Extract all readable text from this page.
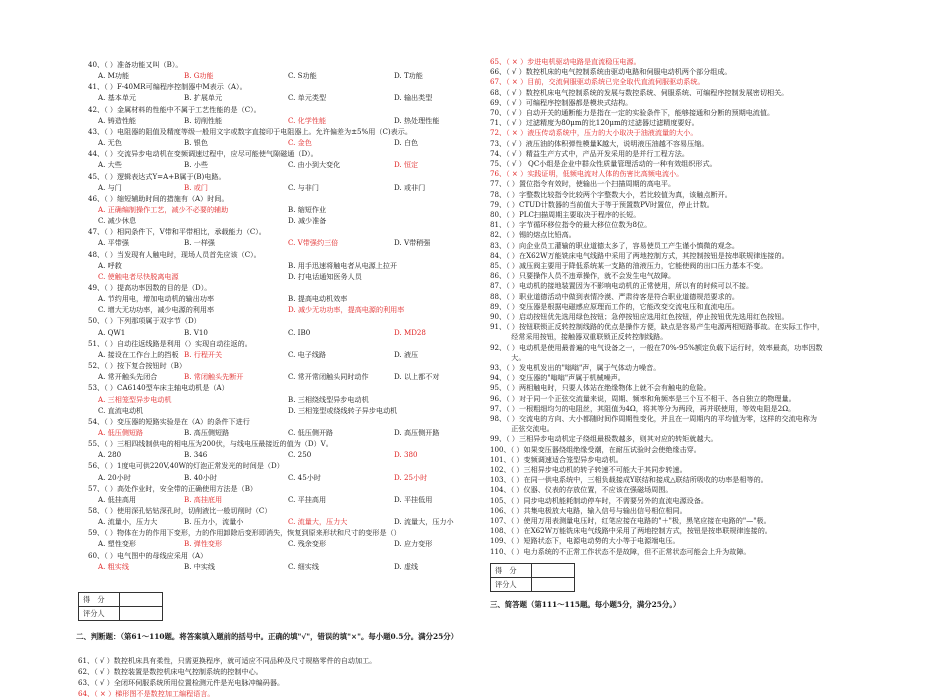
40、（ ）准备功能又叫（B）。
A. M功能	B. G功能	C. S功能	D. T功能
41、（ ）F-40MR可编程序控制器中M表示（A）。
A. 基本单元	B. 扩展单元	C. 单元类型	D. 输出类型
42、（ ）金属材料的性能中不属于工艺性能的是（C）。
A. 铸造性能	B. 切削性能	C. 化学性能	D. 热处理性能
43、（ ）电阻器的阻值及精度等级一般用文字或数字直接印于电阻器上。允许偏差为±5%用（C)表示。
A. 无色	B. 银色	C. 金色	D. 白色
44、（ ）交流异步电动机在变频调速过程中，应尽可能使气隙磁通（D）。
A. 大些	B. 小些	C. 由小到大变化	D. 恒定
45、（ ）逻辑表达式Y=A+B属于(B)电路。
A. 与门	B. 或门	C. 与非门	D. 或非门
46、（ ）缩短辅助时间的措施有（A）时间。
A. 正确编制操作工艺，减少不必要的辅助	B. 缩短作业
C. 减少休息	D. 减少准备
47、（ ）相同条件下，V带和平带相比，承载能力（C）。
A. 平带强	B. 一样强	C. V带强约三倍	D. V带稍强
48、（ ）当发现有人触电时，现场人员首先应该（C）。
A. 呼救	B. 用手迅速将触电者从电源上拉开
C. 使触电者尽快脱离电源	D. 打电话通知医务人员
49、（ ）提高功率因数的目的是（D）。
A. 节约用电，增加电动机的输出功率	B. 提高电动机效率
C. 增大无功功率，减少电源的利用率	D. 减少无功功率，提高电源的利用率
50、（ ）下列那项属于双字节（D）
A. QW1	B. V10	C. IB0	D. MD28
51、（ ）自动往返线路是利用（）实现自动往返的。
A. 接设在工作台上的挡板 B. 行程开关	C. 电子线路	D. 液压
52、（ ）按下复合按钮时（B）
A. 常开触头先闭合	B. 常闭触头先断开	C. 常开常闭触头同时动作	D. 以上都不对
53、（ ）CA6140型车床主轴电动机是（A）
A. 三相笼型异步电动机	B. 三相绕线型异步电动机
C. 直流电动机	D. 三相笼型或绕线转子异步电动机
54、（ ）变压器的短路实验是在（A）的条件下进行
A. 低压侧短路	B. 高压侧短路	C. 低压侧开路	D. 高压侧开路
55、（ ）三相四线制供电的相电压为200伏，与线电压最接近的值为（D）V。
A. 280	B. 346	C. 250	D. 380
56、（ ）1度电可供220V,40W的灯泡正常发光的时间是（D）
A. 20小时	B. 40小时	C. 45小时	D. 25小时
57、（ ）高处作业时，安全带的正确使用方法是（B）
A. 低挂高用	B. 高挂底用	C. 平挂高用	D. 平挂低用
58、（ ）使用深孔钻钻深孔时，切削液比一般切削时（C）
A. 流量小，压力大	B. 压力小，流量小	C. 流量大，压力大	D. 流量大，压力小
59、（ ）物体在力的作用下变形，力的作用卸除后变形即消失，恢复到原来形状和尺寸的变形是（）
A. 塑性变形	B. 弹性变形	C. 残余变形	D. 应力变形
60、（ ）电气图中的母线应采用（A）
A. 粗实线	B. 中实线	C. 细实线	D. 虚线
得　分	
评分人	
二、判断题：（第61～110题。将答案填入题前的括号中。正确的填"√"，错误的填"×"。每小题0.5分。满分25分）
61、（ √ ）数控机床具有柔性，只需更换程序，就可适应不同品种及尺寸规格零件的自动加工。
62、（ √ ）数控装置是数控机床电气控制系统的控制中心。
63、（ √ ）全闭环伺服系统所用位置检测元件是光电脉冲编码器。
64、（ × ）梯形图不是数控加工编程语言。
65、（ × ）步进电机驱动电路是直流稳压电源。
66、（ √ ）数控机床的电气控制系统由驱动电路和伺服电动机两个部分组成。
67、（ × ）目前，交流伺服驱动系统已完全取代直流伺服驱动系统。
68、（ √ ）数控机床电气控制系统的发展与数控系统、伺服系统、可编程序控制发展密切相关。
69、（ √ ）可编程序控制器都是模块式结构。
70、（ √ ）自动开关的通断能力是指在一定的实验条件下，能够接通和分断的预期电流值。
71、（ √ ）过滤精度为80μm的比120μm的过滤器过滤精度要好。
72、（ × ）液压传动系统中，压力的大小取决于油液流量的大小。
73、（ √ ）液压油的体积弹性模量K越大，说明液压油越不容易压缩。
74、（ √ ）精益生产方式中，产品开发采用的是并行工程方法。
75、（ √ ） QC小组是企业中群众性质量管理活动的一种有效组织形式。
76、（ × ）实践证明，低频电流对人体的伤害比高频电流小。
77、（ ）置位指令有效时，使输出一个扫描周期的高电平。
78、（ ）字整数比较指令比较两个字整数大小，若比较值为真，该触点断开。
79、（ ）CTUD计数器的当前值大于等于预置数PV时置位，停止计数。
80、（ ）PLC扫描周期主要取决于程序的长短。
81、（ ）字节循环移位指令的最大移位位数为8位。
82、（ ）锡的熔点比铅高。
83、（ ）向企业员工灌输的职业道德太多了，容易使员工产生谨小慎微的观念。
84、（ ）在X62W万能铣床电气线路中采用了两地控制方式，其控制按钮是按串联规律连接的。
85、（ ）减压阀主要用于降低系统某一支路的油液压力，它能使阀的出口压力基本不变。
86、（ ）只要操作人员不违章操作，就不会发生电气故障。
87、（ ）电动机的接地装置因为不影响电动机的正常使用，所以有的时候可以不接。
88、（ ）职业道德活动中做到表情冷漠、严肃待客是符合职业道德规范要求的。
89、（ ）变压器是根据电磁感应原理而工作的，它能改变交流电压和直流电压。
90、（ ）启动按钮优先选用绿色按钮；急停按钮应选用红色按钮，停止按钮优先选用红色按钮。
91、（ ）按钮联锁正反转控制线路的优点是操作方便，缺点是容易产生电源两相短路事故。在实际工作中，
　　　经常采用按钮，接触器双重联锁正反转控制线路。
92、（ ）电动机是使用最普遍的电气设备之一，一般在70%-95%额定负载下运行时，效率最高，功率因数
　　　大。
93、（ ）发电机发出的"嗡嗡"声，属于气体动力噪音。
94、（ ）变压器的"嗡嗡"声属于机械噪声。
95、（ ）两相触电时，只要人体站在绝缘物体上就不会有触电的危险。
96、（ ）对于同一个正弦交流量来说，周期、频率和角频率是三个互不相干、各自独立的物理量。
97、（ ）一根粗细均匀的电阻丝，其阻值为4Ω，将其等分为两段，再并联使用，等效电阻是2Ω。
98、（ ）交流电的方向、大小都随时间作周期性变化，并且在一周期内的平均值为零，这样的交流电称为
　　　正弦交流电。
99、（ ）三相异步电动机定子绕组最极数越多，则其对应的转矩就越大。
100、（ ）如果变压器绕组绝缘受潮，在耐压试验时会使绝缘击穿。
101、（ ）变频调速适合笼型异步电动机。
102、（ ）三相异步电动机的转子转速不可能大于其同步转速。
103、（ ）在同一供电系统中，三相负载接成Y联结和接成△联结所吸收的功率是相等的。
104、（ ）仪器、仪表的存放位置，不应该在强磁场周围。
105、（ ）同步电动机能耗制动停车时，不需要另外的直流电源设备。
106、（ ）共集电极放大电路，输入信号与输出信号相位相同。
107、（ ）使用万用表测量电压时，红笔应接在电路的"＋"极，黑笔应接在电路的"—"极。
108、（ ）在X62W万能铣床电气线路中采用了两地控制方式，按钮是按串联规律连接的。
109、（ ）短路状态下，电源电动势的大小等于电源端电压。
110、（ ）电力系统的不正常工作状态不是故障，但不正常状态可能会上升为故障。
得　分	
评分人	
三、简答题（第111～115题。每小题5分，满分25分。）
